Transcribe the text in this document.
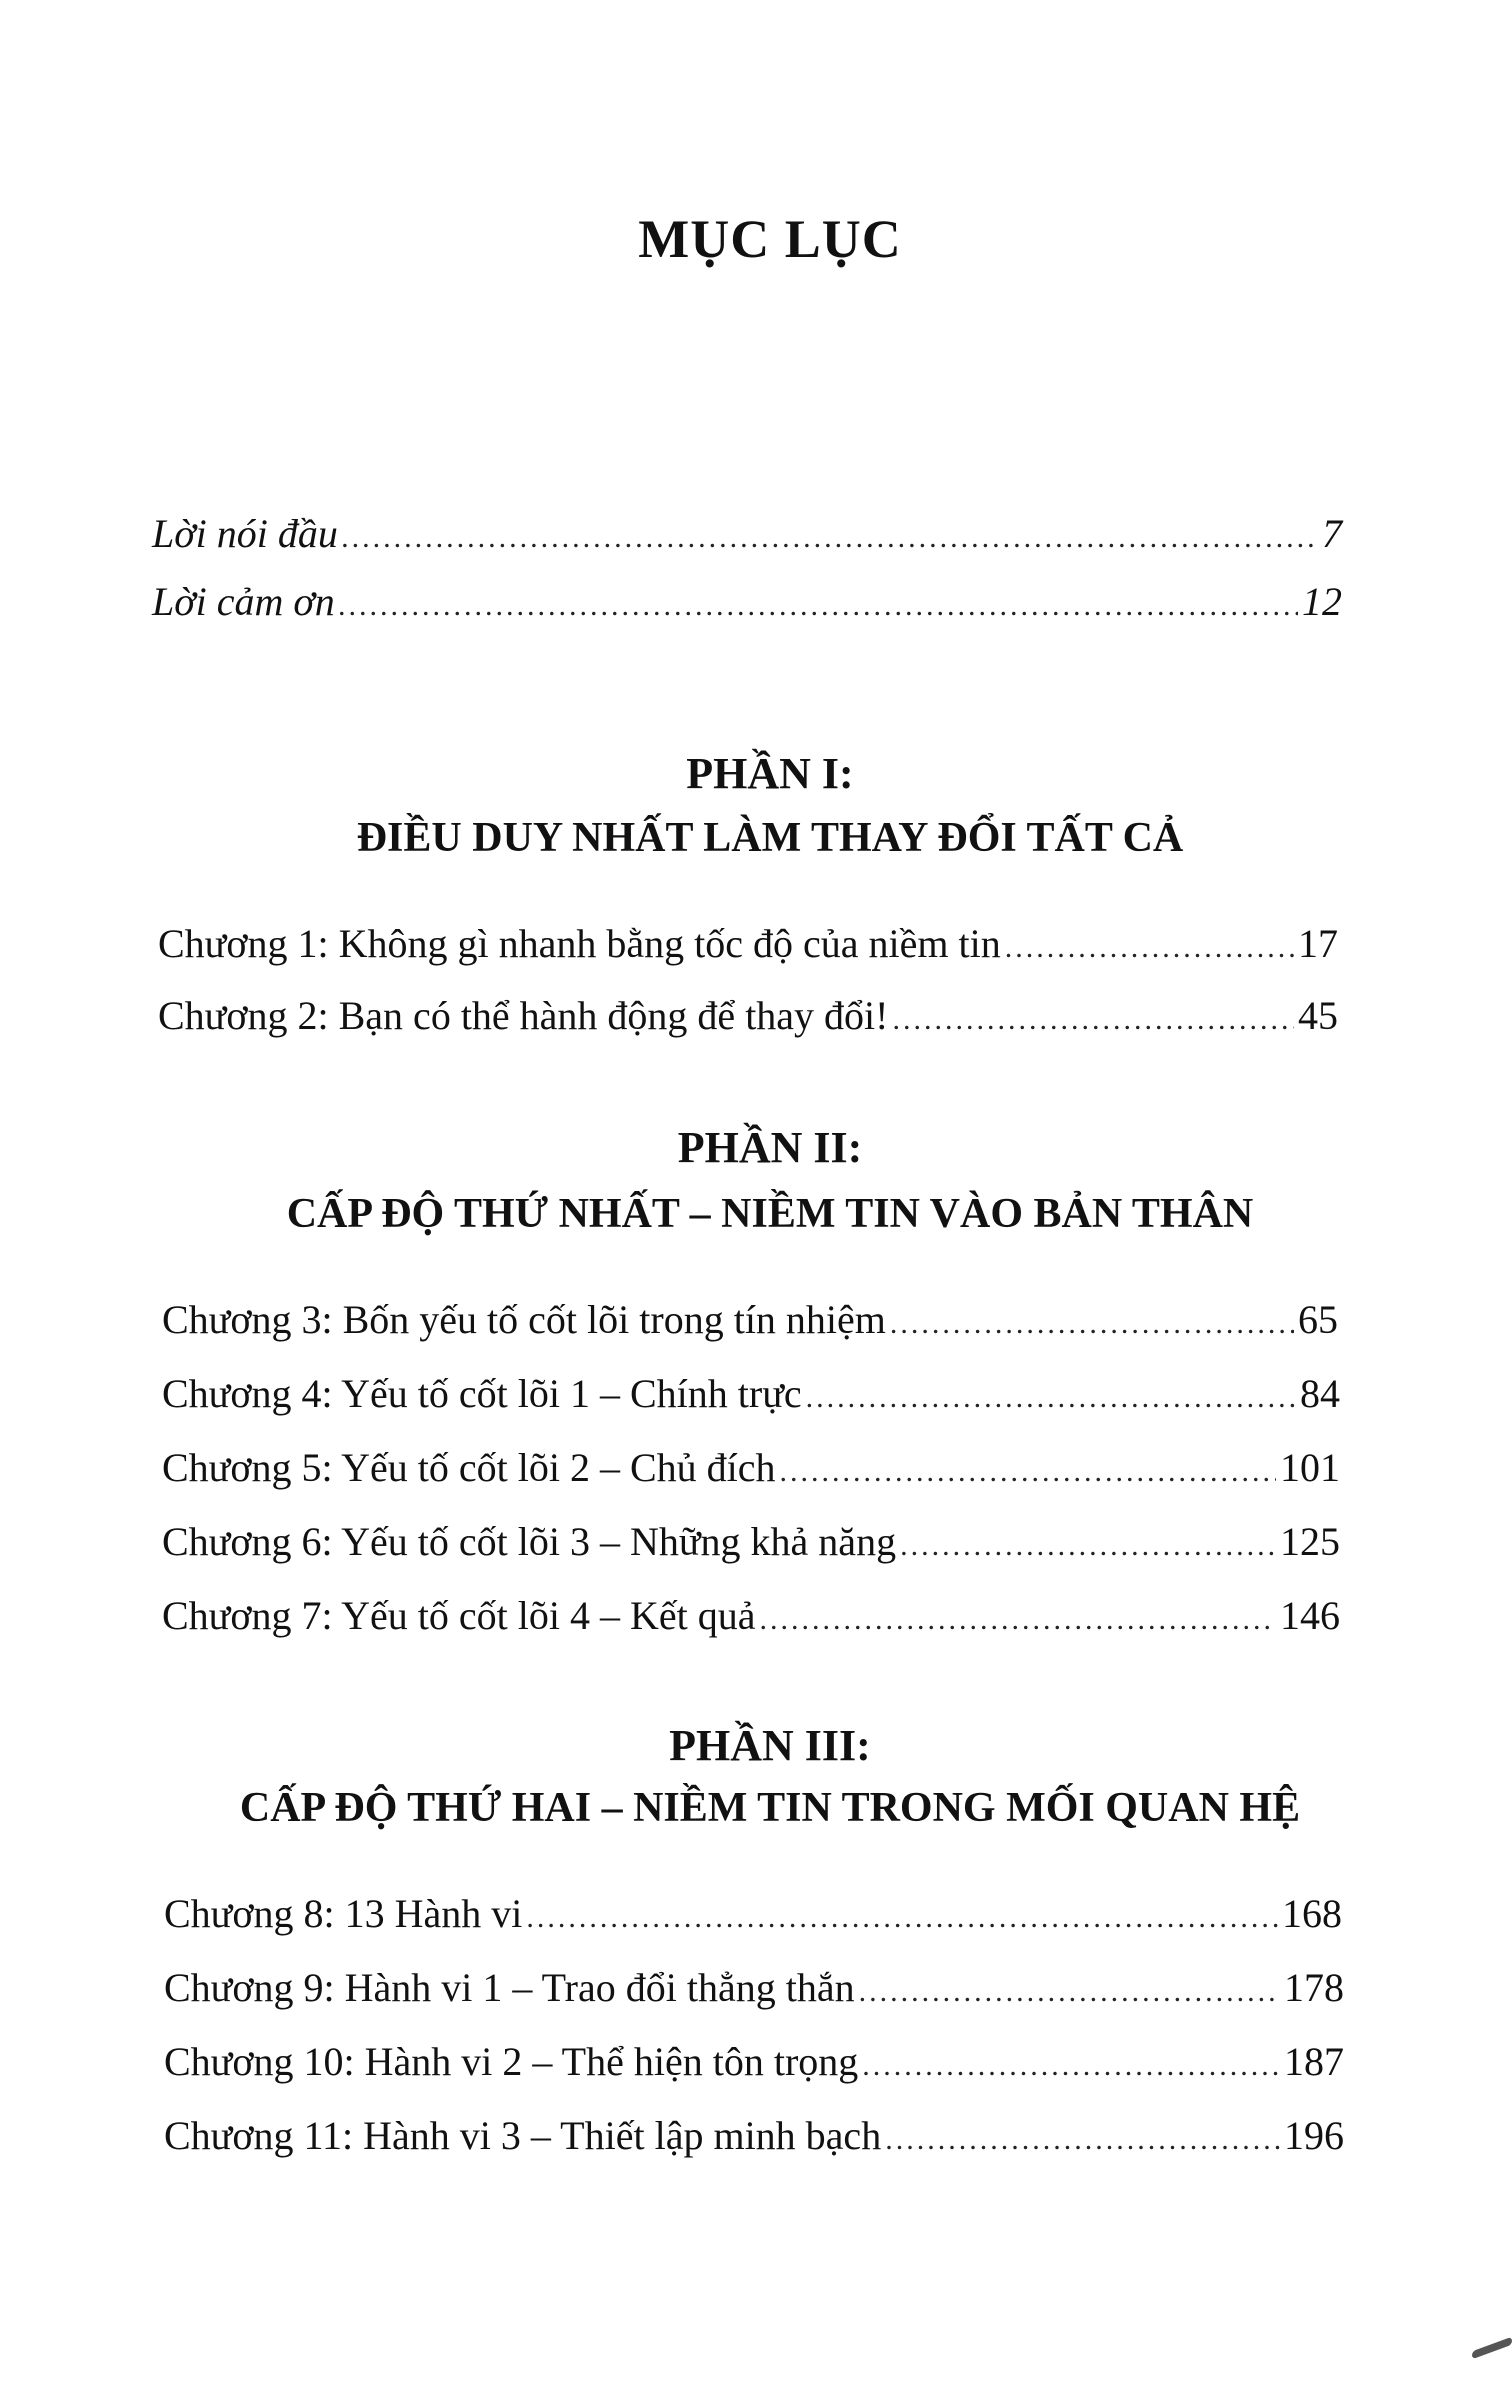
MỤC LỤC
Lời nói đầu .....	7
Lời cảm ơn .....	12
PHẦN I:
ĐIỀU DUY NHẤT LÀM THAY ĐỔI TẤT CẢ
Chương 1: Không gì nhanh bằng tốc độ của niềm tin .....	17
Chương 2: Bạn có thể hành động để thay đổi! .....	45
PHẦN II:
CẤP ĐỘ THỨ NHẤT – NIỀM TIN VÀO BẢN THÂN
Chương 3: Bốn yếu tố cốt lõi trong tín nhiệm .....	65
Chương 4: Yếu tố cốt lõi 1 – Chính trực .....	84
Chương 5: Yếu tố cốt lõi 2 – Chủ đích .....	101
Chương 6: Yếu tố cốt lõi 3 – Những khả năng .....	125
Chương 7: Yếu tố cốt lõi 4 – Kết quả .....	146
PHẦN III:
CẤP ĐỘ THỨ HAI – NIỀM TIN TRONG MỐI QUAN HỆ
Chương 8: 13 Hành vi .....	168
Chương 9: Hành vi 1 – Trao đổi thẳng thắn .....	178
Chương 10: Hành vi 2 – Thể hiện tôn trọng .....	187
Chương 11: Hành vi 3 – Thiết lập minh bạch .....	196
